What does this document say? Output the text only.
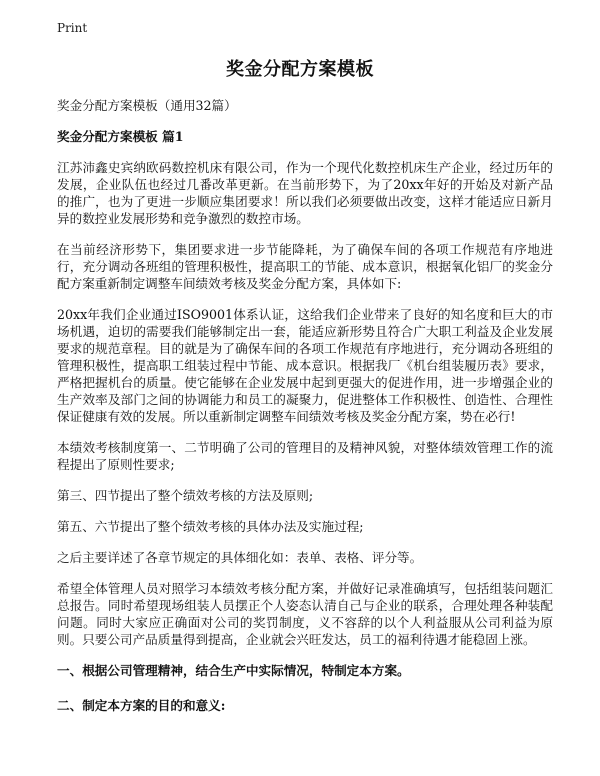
Print
奖金分配方案模板

奖金分配方案模板（通用32篇）

奖金分配方案模板 篇1

江苏沛鑫史宾纳欧码数控机床有限公司，作为一个现代化数控机床生产企业，经过历年的发展，企业队伍也经过几番改革更新。在当前形势下，为了20xx年好的开始及对新产品的推广，也为了更进一步顺应集团要求！所以我们必须要做出改变，这样才能适应日新月异的数控业发展形势和竞争激烈的数控市场。

在当前经济形势下，集团要求进一步节能降耗，为了确保车间的各项工作规范有序地进行，充分调动各班组的管理积极性，提高职工的节能、成本意识，根据氧化铝厂的奖金分配方案重新制定调整车间绩效考核及奖金分配方案，具体如下:

20xx年我们企业通过ISO9001体系认证，这给我们企业带来了良好的知名度和巨大的市场机遇，迫切的需要我们能够制定出一套，能适应新形势且符合广大职工利益及企业发展要求的规范章程。目的就是为了确保车间的各项工作规范有序地进行，充分调动各班组的管理积极性，提高职工组装过程中节能、成本意识。根据我厂《机台组装履历表》要求，严格把握机台的质量。使它能够在企业发展中起到更强大的促进作用，进一步增强企业的生产效率及部门之间的协调能力和员工的凝聚力，促进整体工作积极性、创造性、合理性保证健康有效的发展。所以重新制定调整车间绩效考核及奖金分配方案，势在必行!

本绩效考核制度第一、二节明确了公司的管理目的及精神风貌，对整体绩效管理工作的流程提出了原则性要求;

第三、四节提出了整个绩效考核的方法及原则;

第五、六节提出了整个绩效考核的具体办法及实施过程;

之后主要详述了各章节规定的具体细化如：表单、表格、评分等。

希望全体管理人员对照学习本绩效考核分配方案，并做好记录准确填写，包括组装问题汇总报告。同时希望现场组装人员摆正个人姿态认清自己与企业的联系，合理处理各种装配问题。同时大家应正确面对公司的奖罚制度，义不容辞的以个人利益服从公司利益为原则。只要公司产品质量得到提高，企业就会兴旺发达，员工的福利待遇才能稳固上涨。

一、根据公司管理精神，结合生产中实际情况，特制定本方案。

二、制定本方案的目的和意义:
